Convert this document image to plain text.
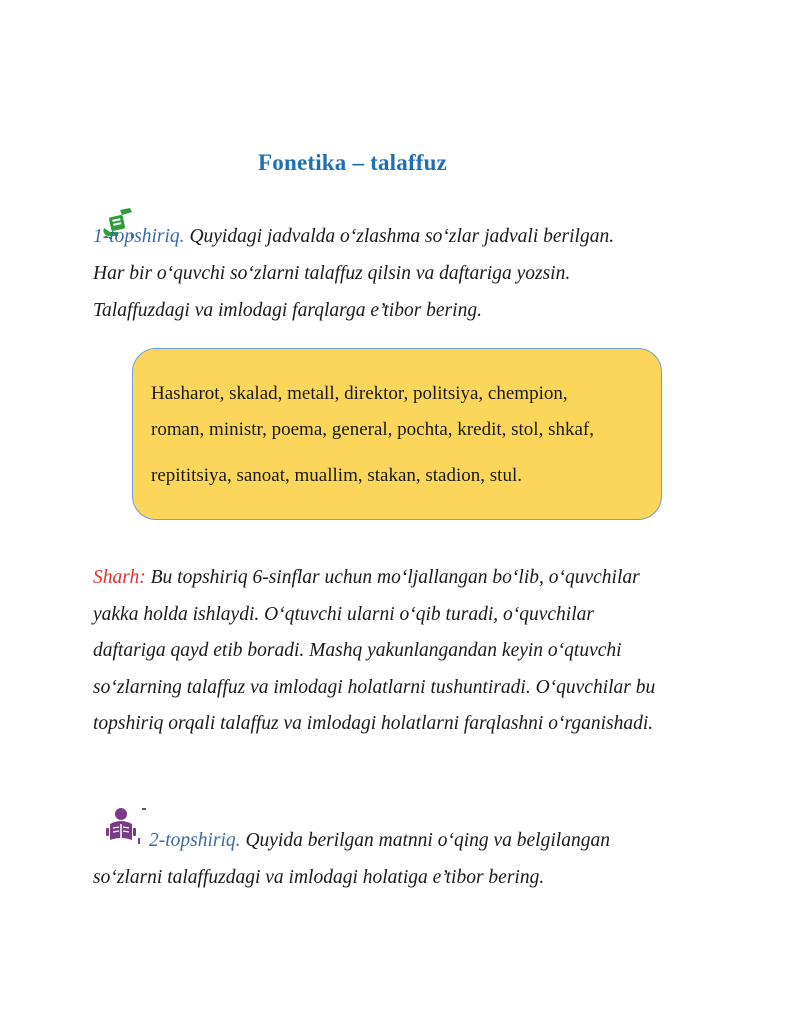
Fonetika – talaffuz
1-topshiriq. Quyidagi jadvalda o‘zlashma so‘zlar jadvali berilgan.
Har bir o‘quvchi so‘zlarni talaffuz qilsin va daftariga yozsin.
Talaffuzdagi va imlodagi farqlarga e’tibor bering.
Hasharot, skalad, metall, direktor, politsiya, chempion,
roman, ministr, poema, general, pochta, kredit, stol, shkaf,
repititsiya, sanoat, muallim, stakan, stadion, stul.
Sharh: Bu topshiriq 6-sinflar uchun mo‘ljallangan bo‘lib, o‘quvchilar
yakka holda ishlaydi. O‘qtuvchi ularni o‘qib turadi, o‘quvchilar
daftariga qayd etib boradi. Mashq yakunlangandan keyin o‘qtuvchi
so‘zlarning talaffuz va imlodagi holatlarni tushuntiradi. O‘quvchilar bu
topshiriq orqali talaffuz va imlodagi holatlarni farqlashni o‘rganishadi.
2-topshiriq. Quyida berilgan matnni o‘qing va belgilangan
so‘zlarni talaffuzdagi va imlodagi holatiga e’tibor bering.
